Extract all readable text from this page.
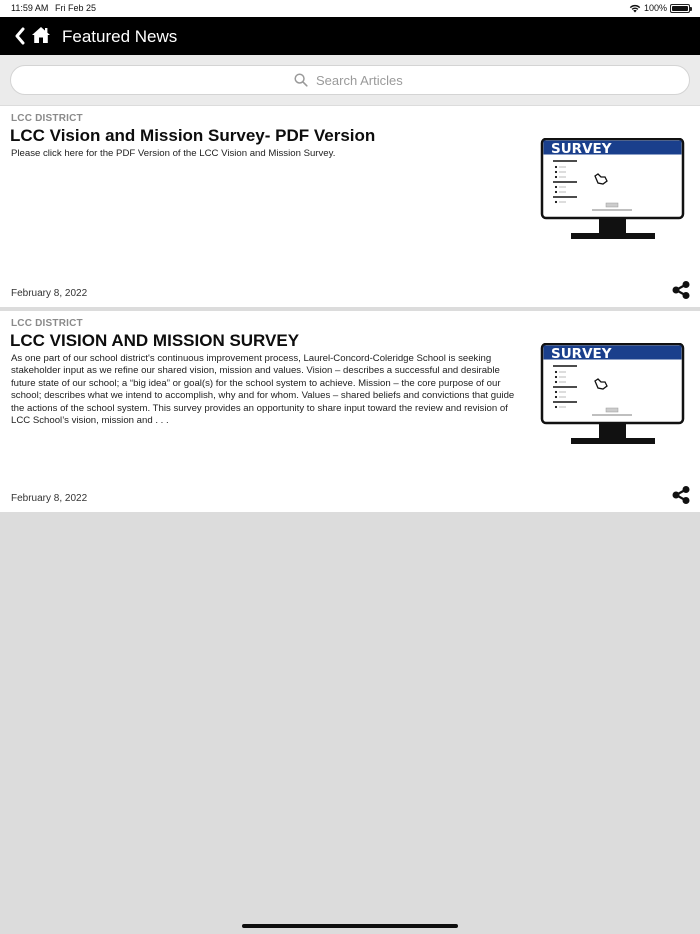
11:59 AM Fri Feb 25	100%
Featured News
Search Articles
LCC DISTRICT
LCC Vision and Mission Survey- PDF Version
Please click here for the PDF Version of the LCC Vision and Mission Survey.	SURVEY
February 8, 2022
LCC DISTRICT
LCC VISION AND MISSION SURVEY
As one part of our school district's continuous improvement process, Laurel-Concord-Coleridge School is seeking stakeholder input as we refine our shared vision, mission and values. Vision – describes a successful and desirable future state of our school; a “big idea” or goal(s) for the school system to achieve. Mission – the core purpose of our school; describes what we intend to accomplish, why and for whom. Values – shared beliefs and convictions that guide the actions of the school system. This survey provides an opportunity to share input toward the review and revision of LCC School’s vision, mission and . . .
SURVEY
February 8, 2022
